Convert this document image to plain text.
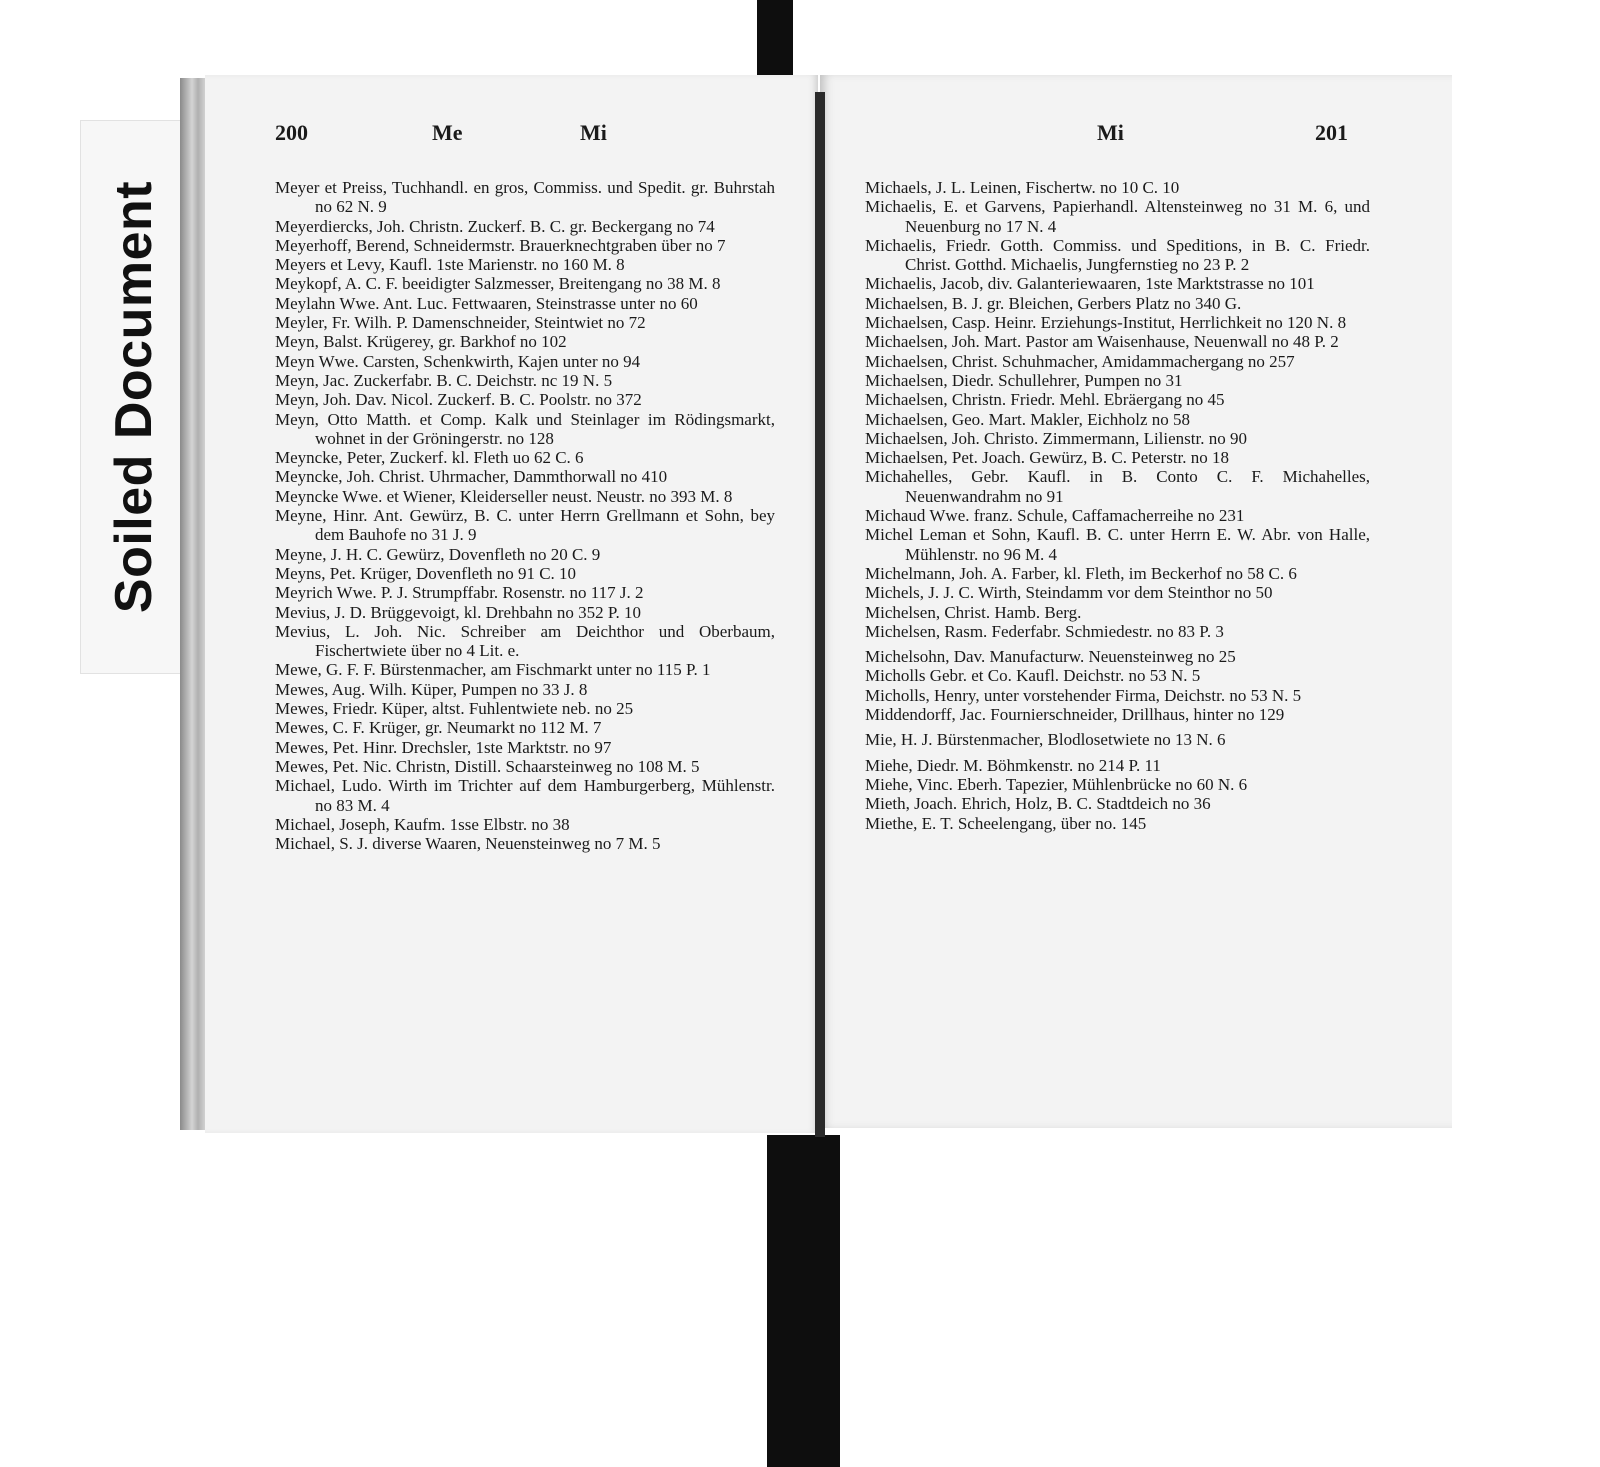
Soiled Document
200	Me	Mi	Mi	201
Meyer et Preiss, Tuchhandl. en gros, Commiss. und Spedit. gr. Buhrstah no 62 N. 9
Meyerdiercks, Joh. Christn. Zuckerf. B. C. gr. Beckergang no 74
Meyerhoff, Berend, Schneidermstr. Brauerknechtgraben über no 7
Meyers et Levy, Kaufl. 1ste Marienstr. no 160 M. 8
Meykopf, A. C. F. beeidigter Salzmesser, Breitengang no 38 M. 8
Meylahn Wwe. Ant. Luc. Fettwaaren, Steinstrasse unter no 60
Meyler, Fr. Wilh. P. Damenschneider, Steintwiet no 72
Meyn, Balst. Krügerey, gr. Barkhof no 102
Meyn Wwe. Carsten, Schenkwirth, Kajen unter no 94
Meyn, Jac. Zuckerfabr. B. C. Deichstr. nc 19 N. 5
Meyn, Joh. Dav. Nicol. Zuckerf. B. C. Poolstr. no 372
Meyn, Otto Matth. et Comp. Kalk und Steinlager im Rödingsmarkt, wohnet in der Gröningerstr. no 128
Meyncke, Peter, Zuckerf. kl. Fleth uo 62 C. 6
Meyncke, Joh. Christ. Uhrmacher, Dammthorwall no 410
Meyncke Wwe. et Wiener, Kleiderseller neust. Neustr. no 393 M. 8
Meyne, Hinr. Ant. Gewürz, B. C. unter Herrn Grellmann et Sohn, bey dem Bauhofe no 31 J. 9
Meyne, J. H. C. Gewürz, Dovenfleth no 20 C. 9
Meyns, Pet. Krüger, Dovenfleth no 91 C. 10
Meyrich Wwe. P. J. Strumpffabr. Rosenstr. no 117 J. 2
Mevius, J. D. Brüggevoigt, kl. Drehbahn no 352 P. 10
Mevius, L. Joh. Nic. Schreiber am Deichthor und Oberbaum, Fischertwiete über no 4 Lit. e.
Mewe, G. F. F. Bürstenmacher, am Fischmarkt unter no 115 P. 1
Mewes, Aug. Wilh. Küper, Pumpen no 33 J. 8
Mewes, Friedr. Küper, altst. Fuhlentwiete neb. no 25
Mewes, C. F. Krüger, gr. Neumarkt no 112 M. 7
Mewes, Pet. Hinr. Drechsler, 1ste Marktstr. no 97
Mewes, Pet. Nic. Christn, Distill. Schaarsteinweg no 108 M. 5
Michael, Ludo. Wirth im Trichter auf dem Hamburgerberg, Mühlenstr. no 83 M. 4
Michael, Joseph, Kaufm. 1sse Elbstr. no 38
Michael, S. J. diverse Waaren, Neuensteinweg no 7 M. 5
Michaels, J. L. Leinen, Fischertw. no 10 C. 10
Michaelis, E. et Garvens, Papierhandl. Altensteinweg no 31 M. 6, und Neuenburg no 17 N. 4
Michaelis, Friedr. Gotth. Commiss. und Speditions, in B. C. Friedr. Christ. Gotthd. Michaelis, Jungfernstieg no 23 P. 2
Michaelis, Jacob, div. Galanteriewaaren, 1ste Marktstrasse no 101
Michaelsen, B. J. gr. Bleichen, Gerbers Platz no 340 G.
Michaelsen, Casp. Heinr. Erziehungs-Institut, Herrlichkeit no 120 N. 8
Michaelsen, Joh. Mart. Pastor am Waisenhause, Neuenwall no 48 P. 2
Michaelsen, Christ. Schuhmacher, Amidammachergang no 257
Michaelsen, Diedr. Schullehrer, Pumpen no 31
Michaelsen, Christn. Friedr. Mehl. Ebräergang no 45
Michaelsen, Geo. Mart. Makler, Eichholz no 58
Michaelsen, Joh. Christo. Zimmermann, Lilienstr. no 90
Michaelsen, Pet. Joach. Gewürz, B. C. Peterstr. no 18
Michahelles, Gebr. Kaufl. in B. Conto C. F. Michahelles, Neuenwandrahm no 91
Michaud Wwe. franz. Schule, Caffamacherreihe no 231
Michel Leman et Sohn, Kaufl. B. C. unter Herrn E. W. Abr. von Halle, Mühlenstr. no 96 M. 4
Michelmann, Joh. A. Farber, kl. Fleth, im Beckerhof no 58 C. 6
Michels, J. J. C. Wirth, Steindamm vor dem Steinthor no 50
Michelsen, Christ. Hamb. Berg.
Michelsen, Rasm. Federfabr. Schmiedestr. no 83 P. 3
Michelsohn, Dav. Manufacturw. Neuensteinweg no 25
Micholls Gebr. et Co. Kaufl. Deichstr. no 53 N. 5
Micholls, Henry, unter vorstehender Firma, Deichstr. no 53 N. 5
Middendorff, Jac. Fournierschneider, Drillhaus, hinter no 129
Mie, H. J. Bürstenmacher, Blodlosetwiete no 13 N. 6
Miehe, Diedr. M. Böhmkenstr. no 214 P. 11
Miehe, Vinc. Eberh. Tapezier, Mühlenbrücke no 60 N. 6
Mieth, Joach. Ehrich, Holz, B. C. Stadtdeich no 36
Miethe, E. T. Scheelengang, über no. 145
